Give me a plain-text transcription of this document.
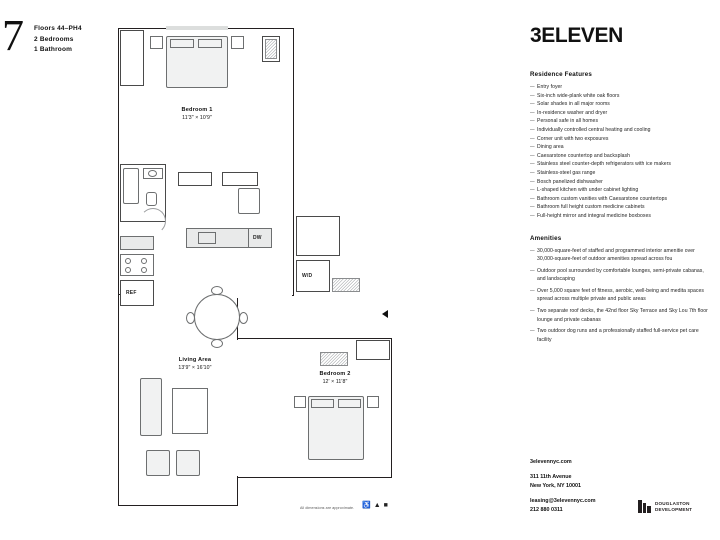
7 Floors 44–PH4
2 Bedrooms
1 Bathroom
Bedroom 1
11'3" × 10'9"
DW
REF
W/D
Living Area
13'9" × 16'10"
Bedroom 2
12' × 11'8"
All dimensions are approximate. ♿ ▲ ■
3ELEVEN
Residence Features
— Entry foyer
— Six-inch wide-plank white oak floors
— Solar shades in all major rooms
— In-residence washer and dryer
— Personal safe in all homes
— Individually controlled central heating and cooling
— Corner unit with two exposures
— Dining area
— Caesarstone countertop and backsplash
— Stainless steel counter-depth refrigerators with ice makers
— Stainless-steel gas range
— Bosch panelized dishwasher
— L-shaped kitchen with under cabinet lighting
— Bathroom custom vanities with Caesarstone countertops
— Bathroom full height custom medicine cabinets
— Full-height mirror and integral medicine boxboxes
Amenities
— 30,000-square-feet of staffed and programmed interior amenitie over 30,000-square-feet of outdoor amenities spread across fou
— Outdoor pool surrounded by comfortable lounges, semi-private cabanas, and landscaping
— Over 5,000 square feet of fitness, aerobic, well-being and medita spaces spread across multiple private and public areas
— Two separate roof decks, the 42nd floor Sky Terrace and Sky Lou 7th floor lounge and private cabanas
— Two outdoor dog runs and a professionally staffed full-service pet care facility
3elevennyc.com
311 11th Avenue
New York, NY 10001
leasing@3elevennyc.com
212 880 0311
DOUGLASTON
DEVELOPMENT
